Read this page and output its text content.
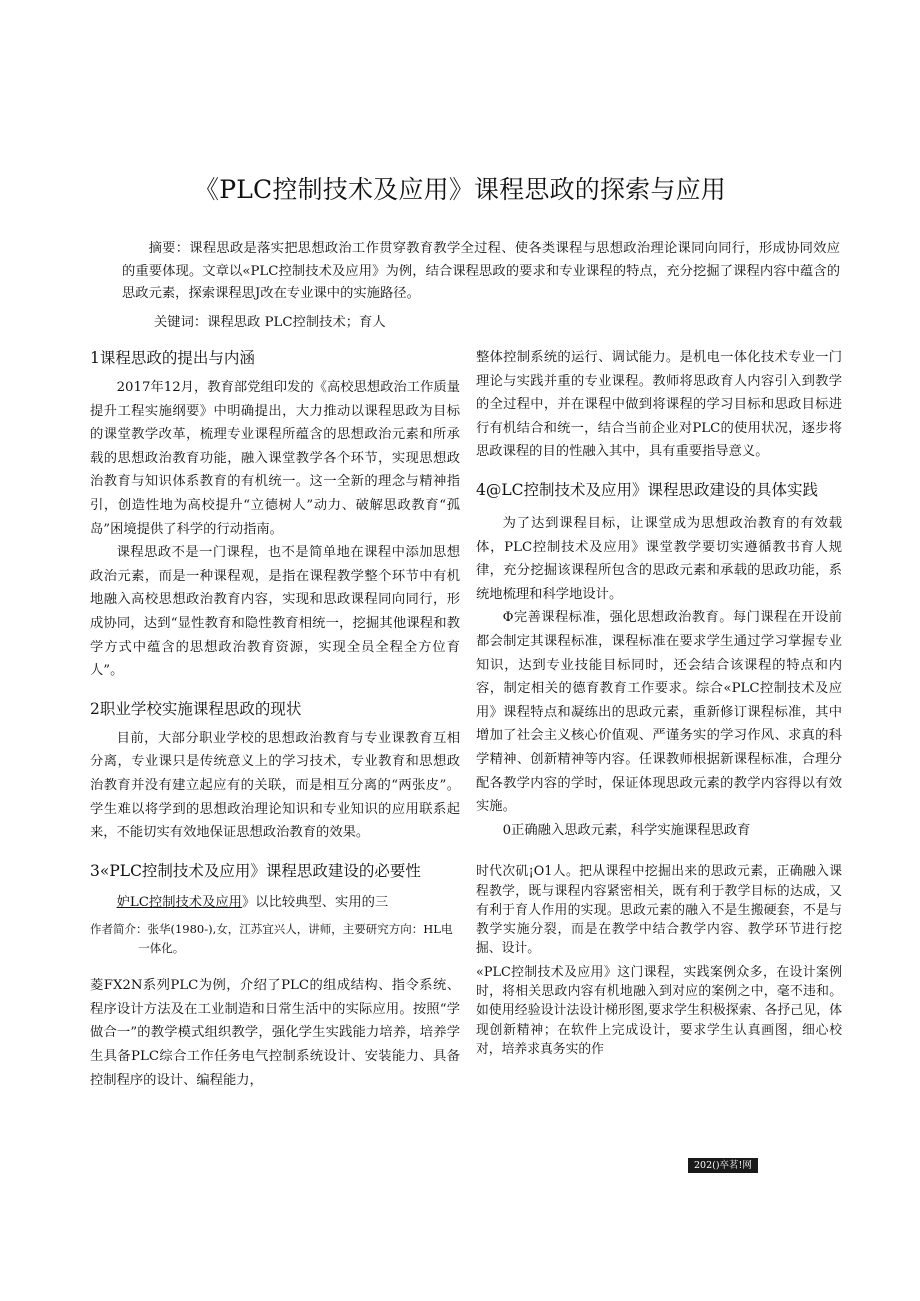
《PLC控制技术及应用》课程思政的探索与应用
摘要：课程思政是落实把思想政治工作贯穿教育教学全过程、使各类课程与思想政治理论课同向同行，形成协同效应的重要体现。文章以«PLC控制技术及应用》为例，结合课程思政的要求和专业课程的特点，充分挖掘了课程内容中蕴含的思政元素，探索课程思J改在专业课中的实施路径。
关键词：课程思政 PLC控制技术；育人
1课程思政的提出与内涵

2017年12月，教育部党组印发的《高校思想政治工作质量提升工程实施纲要》中明确提出，大力推动以课程思政为目标的课堂教学改革，梳理专业课程所蕴含的思想政治元素和所承载的思想政治教育功能，融入课堂教学各个环节，实现思想政治教育与知识体系教育的有机统一。这一全新的理念与精神指引，创造性地为高校提升“立德树人”动力、破解思政教育“孤岛”困境提供了科学的行动指南。

课程思政不是一门课程，也不是简单地在课程中添加思想政治元素，而是一种课程观，是指在课程教学整个环节中有机地融入高校思想政治教育内容，实现和思政课程同向同行，形成协同，达到“显性教育和隐性教育相统一，挖掘其他课程和教学方式中蕴含的思想政治教育资源，实现全员全程全方位育人”。

2职业学校实施课程思政的现状

目前，大部分职业学校的思想政治教育与专业课教育互相分离，专业课只是传统意义上的学习技术，专业教育和思想政治教育并没有建立起应有的关联，而是相互分离的“两张皮”。学生难以将学到的思想政治理论知识和专业知识的应用联系起来，不能切实有效地保证思想政治教育的效果。

3«PLC控制技术及应用》课程思政建设的必要性

妒LC控制技术及应用》以比较典型、实用的三

作者简介：张华(1980-),女，江苏宜兴人，讲师，主要研究方向：HL电一体化。

菱FX2N系列PLC为例，介绍了PLC的组成结构、指令系统、程序设计方法及在工业制造和日常生活中的实际应用。按照“学做合一”的教学模式组织教学，强化学生实践能力培养，培养学生具备PLC综合工作任务电气控制系统设计、安装能力、具备控制程序的设计、编程能力，

整体控制系统的运行、调试能力。是机电一体化技术专业一门理论与实践并重的专业课程。教师将思政育人内容引入到教学的全过程中，并在课程中做到将课程的学习目标和思政目标进行有机结合和统一，结合当前企业对PLC的使用状况，逐步将思政课程的目的性融入其中，具有重要指导意义。

4@LC控制技术及应用》课程思政建设的具体实践

为了达到课程目标，让课堂成为思想政治教育的有效载体，PLC控制技术及应用》课堂教学要切实遵循教书育人规律，充分挖掘该课程所包含的思政元素和承载的思政功能，系统地梳理和科学地设计。

Φ完善课程标准，强化思想政治教育。每门课程在开设前都会制定其课程标准，课程标准在要求学生通过学习掌握专业知识，达到专业技能目标同时，还会结合该课程的特点和内容，制定相关的德育教育工作要求。综合«PLC控制技术及应用》课程特点和凝练出的思政元素，重新修订课程标准，其中增加了社会主义核心价值观、严谨务实的学习作风、求真的科学精神、创新精神等内容。任课教师根据新课程标准，合理分配各教学内容的学时，保证体现思政元素的教学内容得以有效实施。

0正确融入思政元素，科学实施课程思政育

时代次矶¡O1人。把从课程中挖掘出来的思政元素，正确融入课程教学，既与课程内容紧密相关，既有利于教学目标的达成，又有利于育人作用的实现。思政元素的融入不是生搬硬套，不是与教学实施分裂，而是在教学中结合教学内容、教学环节进行挖掘、设计。
«PLC控制技术及应用》这门课程，实践案例众多，在设计案例时，将相关思政内容有机地融入到对应的案例之中，毫不违和。如使用经验设计法设计梯形图,要求学生积极探索、各抒己见，体现创新精神；在软件上完成设计，要求学生认真画图，细心校对，培养求真务实的作
202()卒茗!网
